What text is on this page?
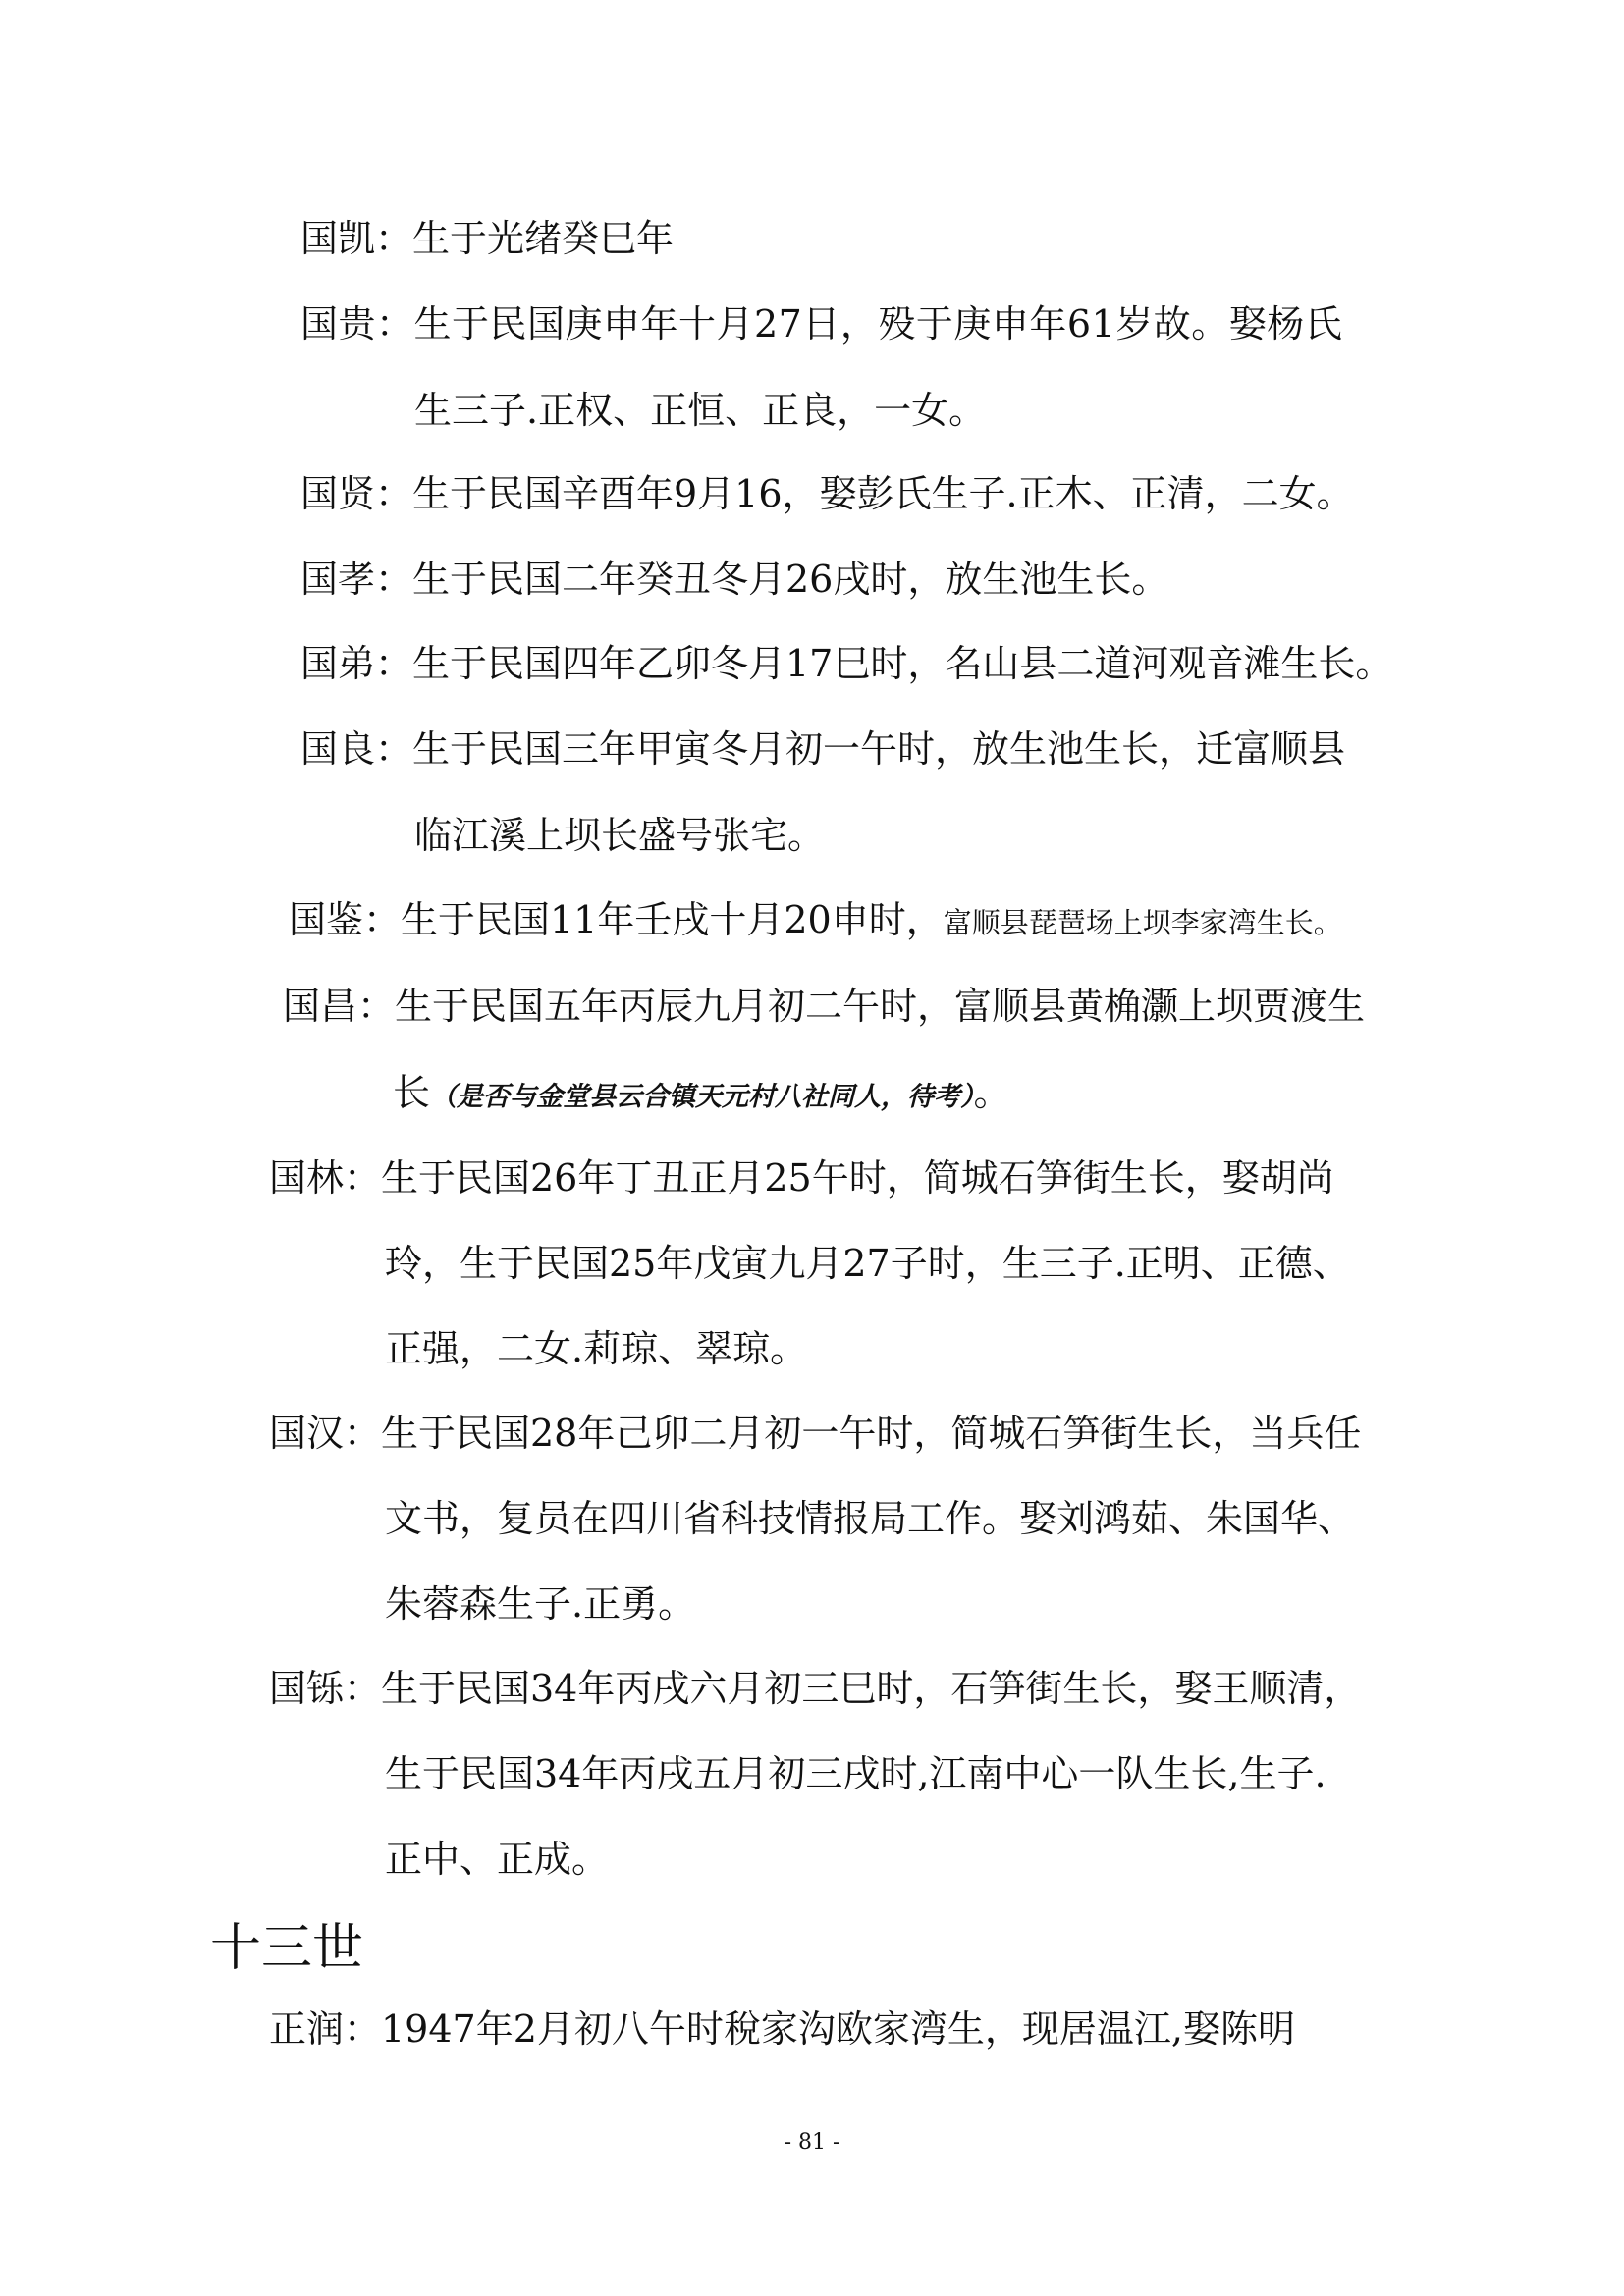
国凯：生于光绪癸巳年
国贵：生于民国庚申年十月27日，殁于庚申年61岁故。娶杨氏
生三子.正权、正恒、正良，一女。
国贤：生于民国辛酉年9月16，娶彭氏生子.正木、正清，二女。
国孝：生于民国二年癸丑冬月26戌时，放生池生长。
国弟：生于民国四年乙卯冬月17巳时，名山县二道河观音滩生长。
国良：生于民国三年甲寅冬月初一午时，放生池生长，迁富顺县
临江溪上坝长盛号张宅。
国鉴：生于民国11年壬戌十月20申时，富顺县琵琶场上坝李家湾生长。
国昌：生于民国五年丙辰九月初二午时，富顺县黄桷灏上坝贾渡生
长（是否与金堂县云合镇天元村八社同人，待考）。
国林：生于民国26年丁丑正月25午时，简城石笋街生长，娶胡尚
玲，生于民国25年戊寅九月27子时，生三子.正明、正德、
正强，二女.莉琼、翠琼。
国汉：生于民国28年己卯二月初一午时，简城石笋街生长，当兵任
文书，复员在四川省科技情报局工作。娶刘鸿茹、朱国华、
朱蓉森生子.正勇。
国铄：生于民国34年丙戌六月初三巳时，石笋街生长，娶王顺清，
生于民国34年丙戌五月初三戌时,江南中心一队生长,生子.
正中、正成。
十三世
正润：1947年2月初八午时稅家沟欧家湾生，现居温江,娶陈明
- 81 -
